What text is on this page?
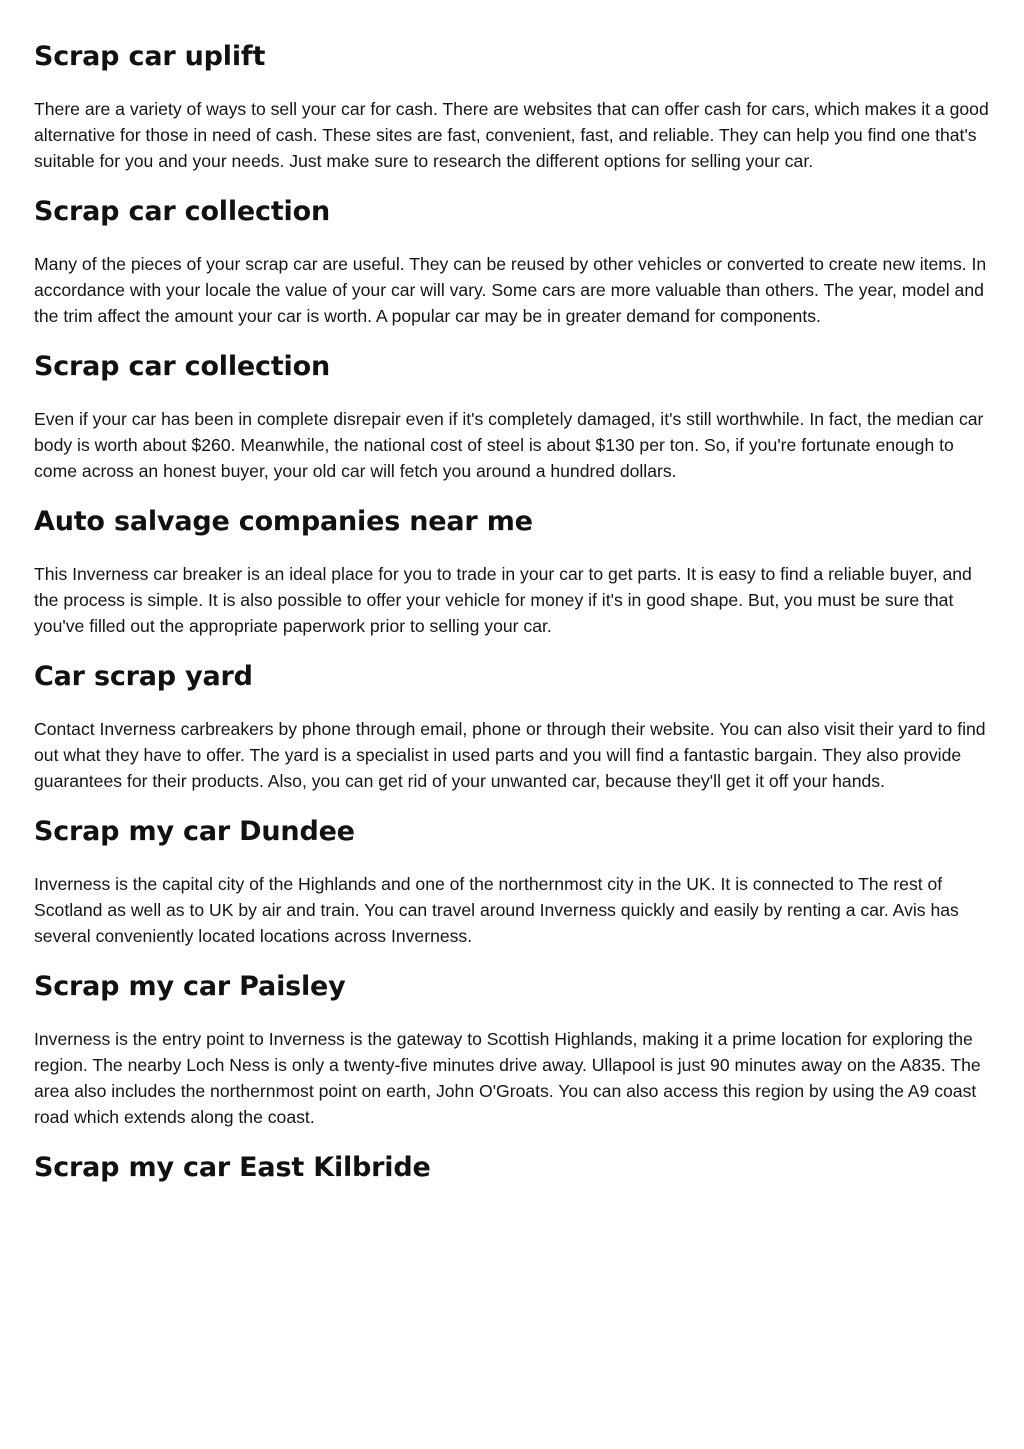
Scrap car uplift

There are a variety of ways to sell your car for cash. There are websites that can offer cash for cars, which makes it a good alternative for those in need of cash. These sites are fast, convenient, fast, and reliable. They can help you find one that's suitable for you and your needs. Just make sure to research the different options for selling your car.

Scrap car collection

Many of the pieces of your scrap car are useful. They can be reused by other vehicles or converted to create new items. In accordance with your locale the value of your car will vary. Some cars are more valuable than others. The year, model and the trim affect the amount your car is worth. A popular car may be in greater demand for components.

Scrap car collection

Even if your car has been in complete disrepair even if it's completely damaged, it's still worthwhile. In fact, the median car body is worth about $260. Meanwhile, the national cost of steel is about $130 per ton. So, if you're fortunate enough to come across an honest buyer, your old car will fetch you around a hundred dollars.

Auto salvage companies near me

This Inverness car breaker is an ideal place for you to trade in your car to get parts. It is easy to find a reliable buyer, and the process is simple. It is also possible to offer your vehicle for money if it's in good shape. But, you must be sure that you've filled out the appropriate paperwork prior to selling your car.

Car scrap yard

Contact Inverness carbreakers by phone through email, phone or through their website. You can also visit their yard to find out what they have to offer. The yard is a specialist in used parts and you will find a fantastic bargain. They also provide guarantees for their products. Also, you can get rid of your unwanted car, because they'll get it off your hands.

Scrap my car Dundee

Inverness is the capital city of the Highlands and one of the northernmost city in the UK. It is connected to The rest of Scotland as well as to UK by air and train. You can travel around Inverness quickly and easily by renting a car. Avis has several conveniently located locations across Inverness.

Scrap my car Paisley

Inverness is the entry point to Inverness is the gateway to Scottish Highlands, making it a prime location for exploring the region. The nearby Loch Ness is only a twenty-five minutes drive away. Ullapool is just 90 minutes away on the A835. The area also includes the northernmost point on earth, John O'Groats. You can also access this region by using the A9 coast road which extends along the coast.

Scrap my car East Kilbride
